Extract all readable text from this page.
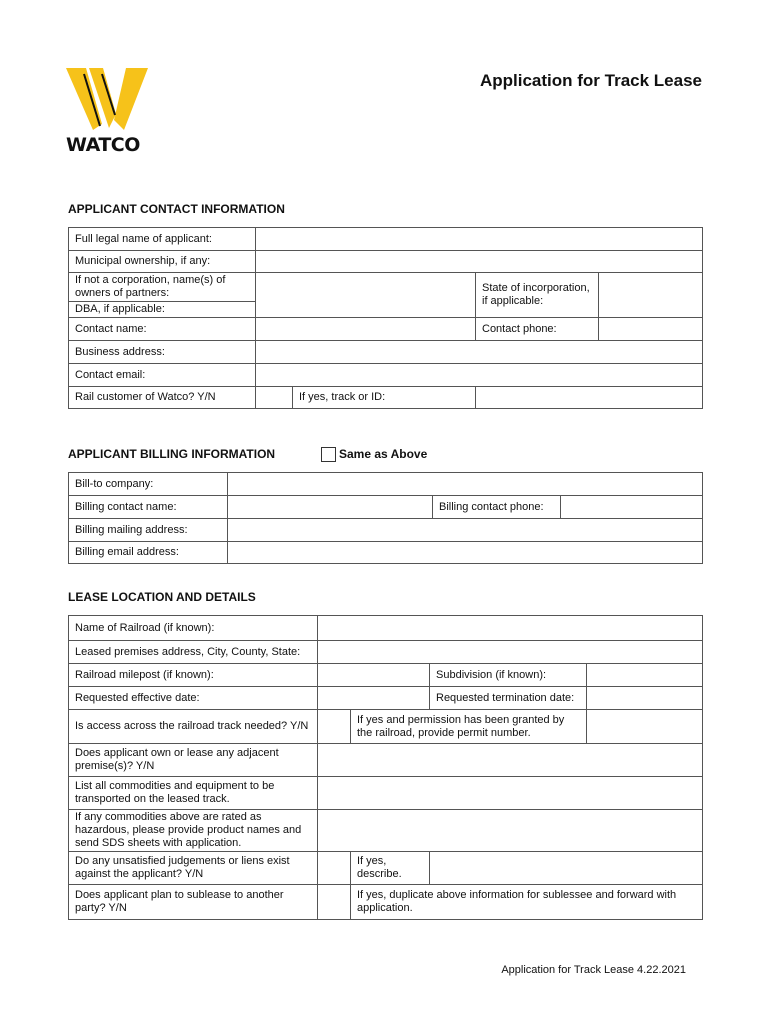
WATCO
Application for Track Lease
APPLICANT CONTACT INFORMATION
Full legal name of applicant:				
Municipal ownership, if any:				
If not a corporation, name(s) of owners of partners:			State of incorporation, if applicable:	
DBA, if applicable:				
Contact name:			Contact phone:	
Business address:				
Contact email:				
Rail customer of Watco? Y/N		If yes, track or ID:		
APPLICANT BILLING INFORMATION	Same as Above
Bill-to company:			
Billing contact name:		Billing contact phone:	
Billing mailing address:			
Billing email address:			
LEASE LOCATION AND DETAILS
Name of Railroad (if known):				
Leased premises address, City, County, State:				
Railroad milepost (if known):			Subdivision (if known):	
Requested effective date:			Requested termination date:	
Is access across the railroad track needed? Y/N		If yes and permission has been granted by the railroad, provide permit number.		
Does applicant own or lease any adjacent premise(s)? Y/N				
List all commodities and equipment to be transported on the leased track.				
If any commodities above are rated as hazardous, please provide product names and send SDS sheets with application.				
Do any unsatisfied judgements or liens exist against the applicant? Y/N		If yes, describe.		
Does applicant plan to sublease to another party? Y/N		If yes, duplicate above information for sublessee and forward with application.		
Application for Track Lease 4.22.2021
